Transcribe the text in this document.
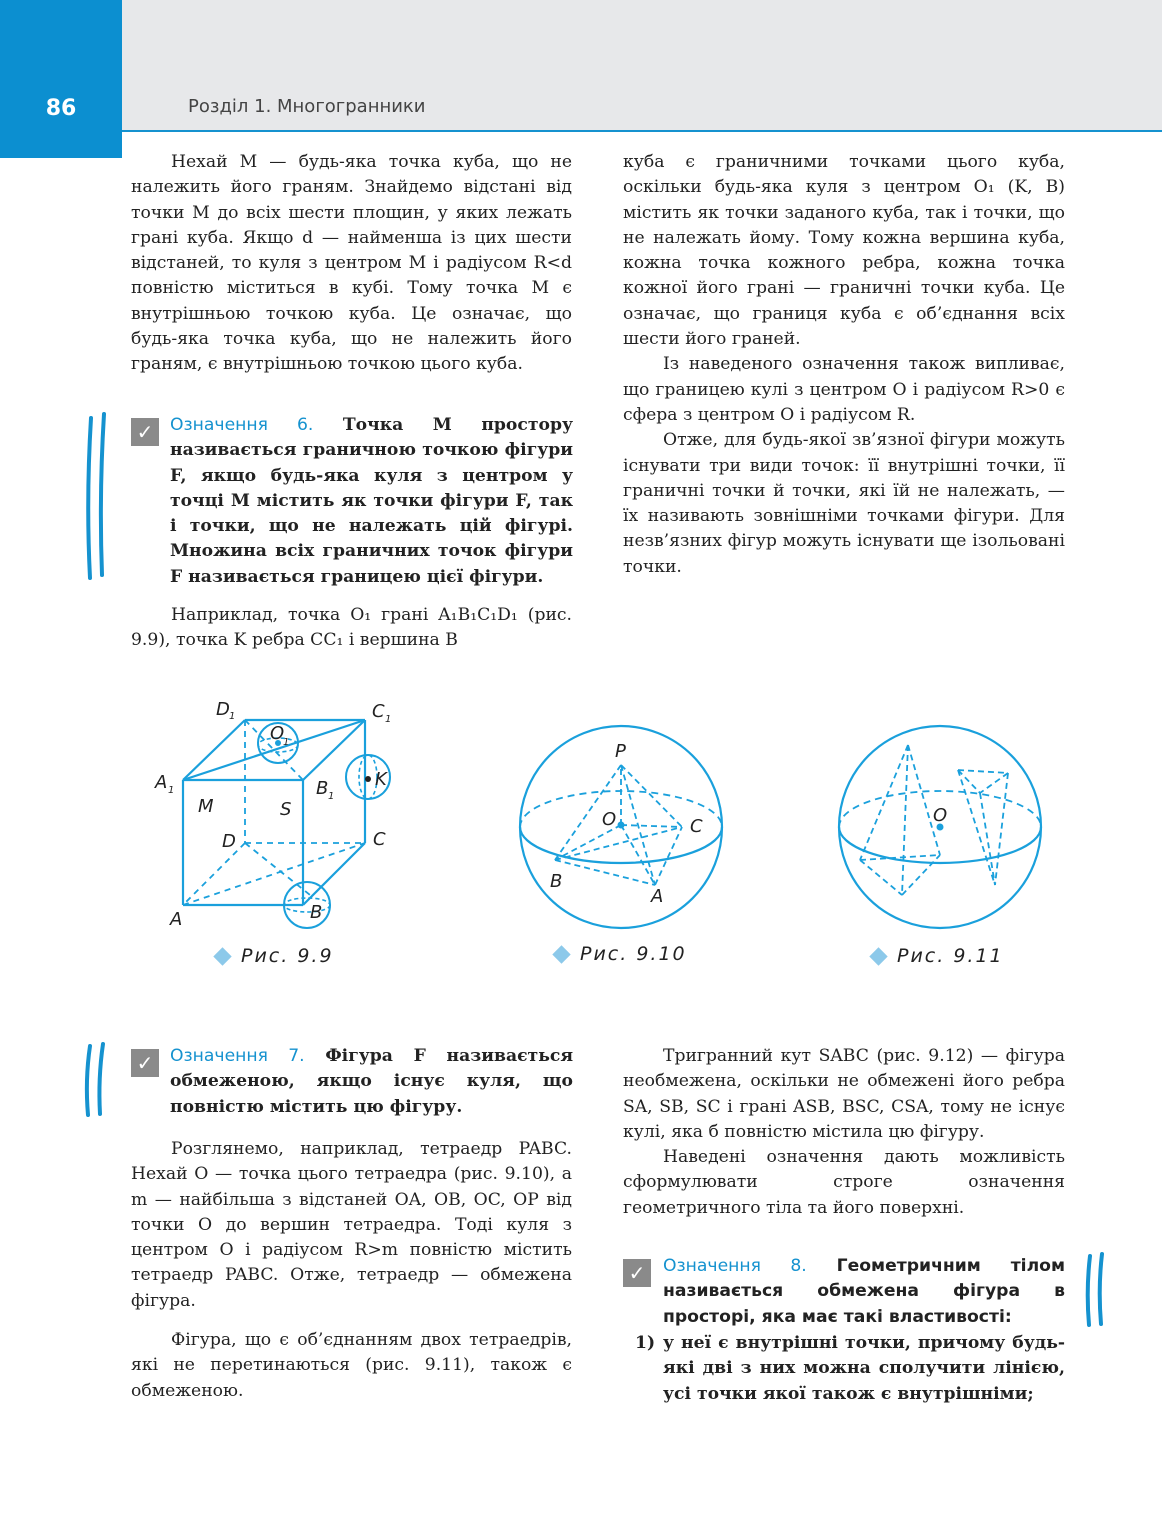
86	Розділ 1. Многогранники

Нехай M — будь-яка точка куба, що не належить його граням. Знайдемо відстані від точки M до всіх шести площин, у яких лежать грані куба. Якщо d — найменша із цих шести відстаней, то куля з центром M і радіусом R<d повністю міститься в кубі. Тому точка M є внутрішньою точкою куба. Це означає, що будь-яка точка куба, що не належить його граням, є внутрішньою точкою цього куба.

✓ Означення 6. Точка M простору називається граничною точкою фігури F, якщо будь-яка куля з центром у точці M містить як точки фігури F, так і точки, що не належать цій фігурі. Множина всіх граничних точок фігури F називається границею цієї фігури.

Наприклад, точка O₁ грані A₁B₁C₁D₁ (рис. 9.9), точка K ребра CC₁ і вершина B

куба є граничними точками цього куба, оскільки будь-яка куля з центром O₁ (K, B) містить як точки заданого куба, так і точки, що не належать йому. Тому кожна вершина куба, кожна точка кожного ребра, кожна точка кожної його грані — граничні точки куба. Це означає, що границя куба є об’єднання всіх шести його граней.

Із наведеного означення також випливає, що границею кулі з центром O і радіусом R>0 є сфера з центром O і радіусом R.

Отже, для будь-якої зв’язної фігури можуть існувати три види точок: її внутрішні точки, її граничні точки й точки, які їй не належать, — їх називають зовнішніми точками фігури. Для незв’язних фігур можуть існувати ще ізольовані точки.

D 1	C 1
O
1
A 1	B 1
K
M	S
D	C
A	B
Рис. 9.9
P
O	C
B
A
Рис. 9.10
O
Рис. 9.11
✓ Означення 7. Фігура F називається обмеженою, якщо існує куля, що повністю містить цю фігуру.

Розглянемо, наприклад, тетраедр PABC. Нехай O — точка цього тетраедра (рис. 9.10), а m — найбільша з відстаней OA, OB, OC, OP від точки O до вершин тетраедра. Тоді куля з центром O і радіусом R>m повністю містить тетраедр PABC. Отже, тетраедр — обмежена фігура.

Фігура, що є об’єднанням двох тетраедрів, які не перетинаються (рис. 9.11), також є обмеженою.

Тригранний кут SABC (рис. 9.12) — фігура необмежена, оскільки не обмежені його ребра SA, SB, SC і грані ASB, BSC, CSA, тому не існує кулі, яка б повністю містила цю фігуру.

Наведені означення дають можливість сформулювати строге означення геометричного тіла та його поверхні.

✓	Означення 8. Геометричним тілом називається обмежена фігура в просторі, яка має такі властивості:
1) у неї є внутрішні точки, причому будь-які дві з них можна сполучити лінією, усі точки якої також є внутрішніми;
